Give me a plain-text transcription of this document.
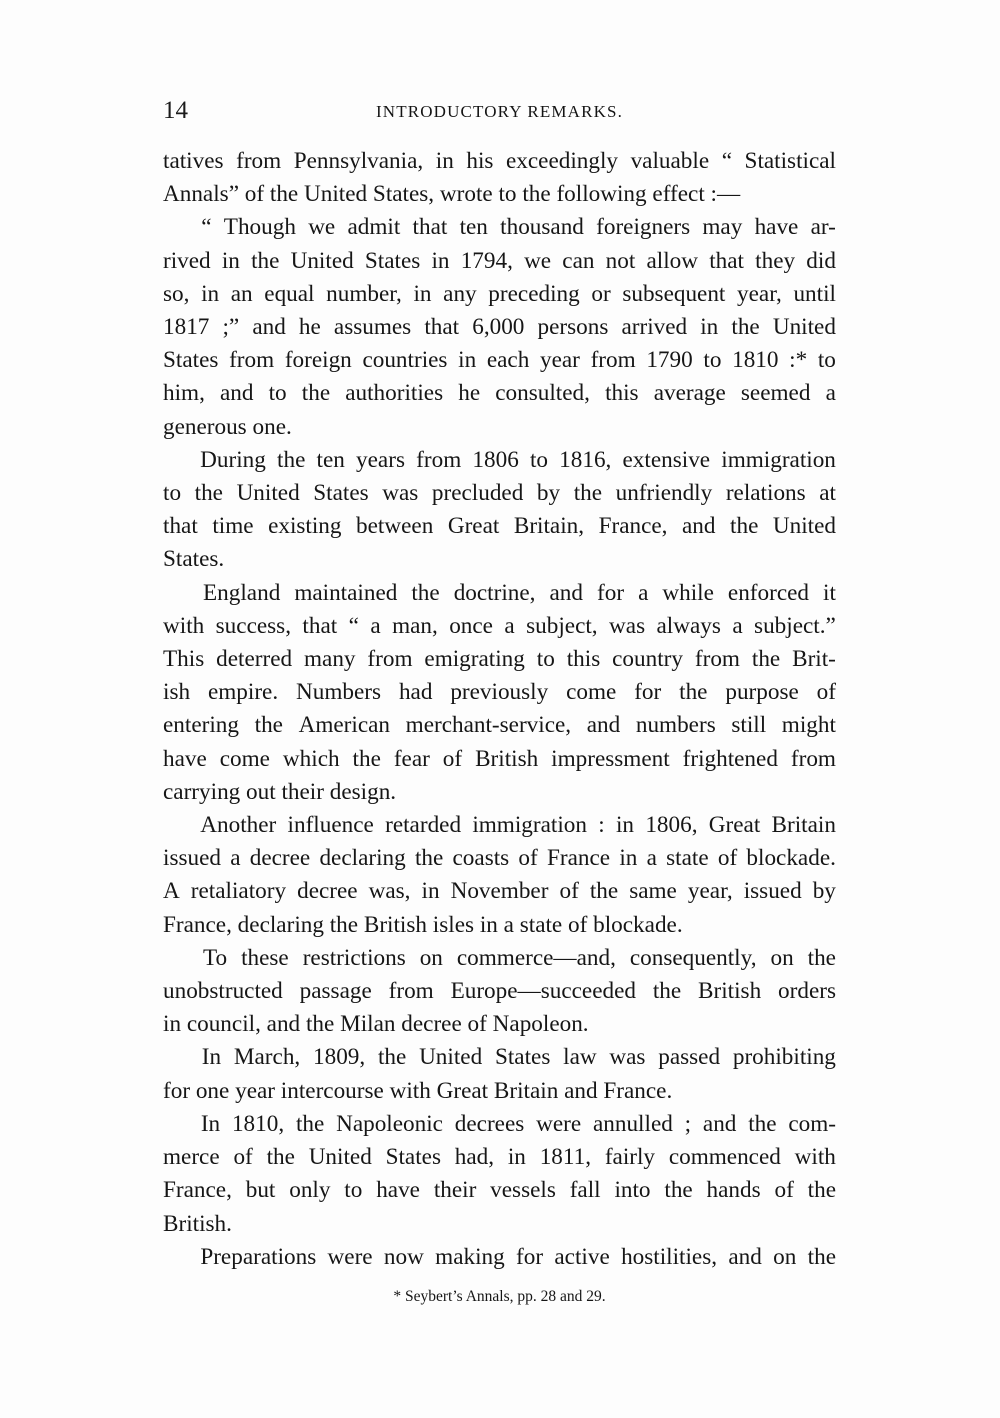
14	INTRODUCTORY REMARKS.

tatives from Pennsylvania, in his exceedingly valuable “ Statistical
Annals” of the United States, wrote to the following effect :—

“ Though we admit that ten thousand foreigners may have ar-
rived in the United States in 1794, we can not allow that they did
so, in an equal number, in any preceding or subsequent year, until
1817 ;” and he assumes that 6,000 persons arrived in the United
States from foreign countries in each year from 1790 to 1810 :* to
him, and to the authorities he consulted, this average seemed a
generous one.

During the ten years from 1806 to 1816, extensive immigration
to the United States was precluded by the unfriendly relations at
that time existing between Great Britain, France, and the United
States.

England maintained the doctrine, and for a while enforced it
with success, that “ a man, once a subject, was always a subject.”
This deterred many from emigrating to this country from the Brit-
ish empire. Numbers had previously come for the purpose of
entering the American merchant-service, and numbers still might
have come which the fear of British impressment frightened from
carrying out their design.

Another influence retarded immigration : in 1806, Great Britain
issued a decree declaring the coasts of France in a state of blockade.
A retaliatory decree was, in November of the same year, issued by
France, declaring the British isles in a state of blockade.

To these restrictions on commerce—and, consequently, on the
unobstructed passage from Europe—succeeded the British orders
in council, and the Milan decree of Napoleon.

In March, 1809, the United States law was passed prohibiting
for one year intercourse with Great Britain and France.

In 1810, the Napoleonic decrees were annulled ; and the com-
merce of the United States had, in 1811, fairly commenced with
France, but only to have their vessels fall into the hands of the
British.

Preparations were now making for active hostilities, and on the

* Seybert’s Annals, pp. 28 and 29.
